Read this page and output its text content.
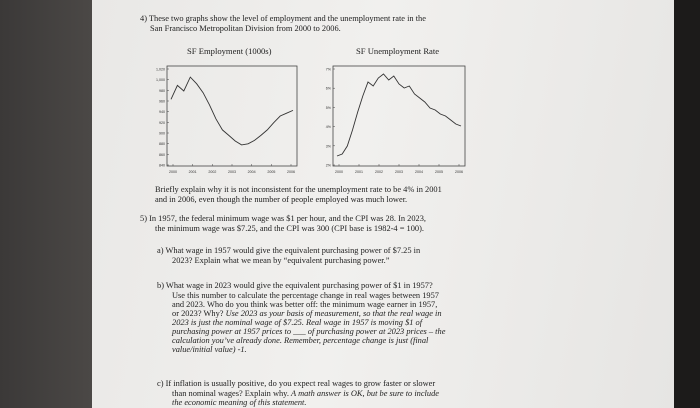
4) These two graphs show the level of employment and the unemployment rate in the
San Francisco Metropolitan Division from 2000 to 2006.
SF Employment (1000s)	SF Unemployment Rate
1,020
1,000
980
960
940
920
900
880
860
840
2000	2001	2002	2003	2004	2005	2006
7%
6%
5%
4%
3%
2%
2000	2001	2002	2003	2004	2005	2006
Briefly explain why it is not inconsistent for the unemployment rate to be 4% in 2001
and in 2006, even though the number of people employed was much lower.
5) In 1957, the federal minimum wage was $1 per hour, and the CPI was 28. In 2023,
the minimum wage was $7.25, and the CPI was 300 (CPI base is 1982-4 = 100).
a) What wage in 1957 would give the equivalent purchasing power of $7.25 in
2023? Explain what we mean by “equivalent purchasing power.”
b) What wage in 2023 would give the equivalent purchasing power of $1 in 1957?
Use this number to calculate the percentage change in real wages between 1957
and 2023. Who do you think was better off: the minimum wage earner in 1957,
or 2023? Why? Use 2023 as your basis of measurement, so that the real wage in
2023 is just the nominal wage of $7.25. Real wage in 1957 is moving $1 of
purchasing power at 1957 prices to ___ of purchasing power at 2023 prices – the
calculation you’ve already done. Remember, percentage change is just (final
value/initial value) -1.
c) If inflation is usually positive, do you expect real wages to grow faster or slower
than nominal wages? Explain why. A math answer is OK, but be sure to include
the economic meaning of this statement.
